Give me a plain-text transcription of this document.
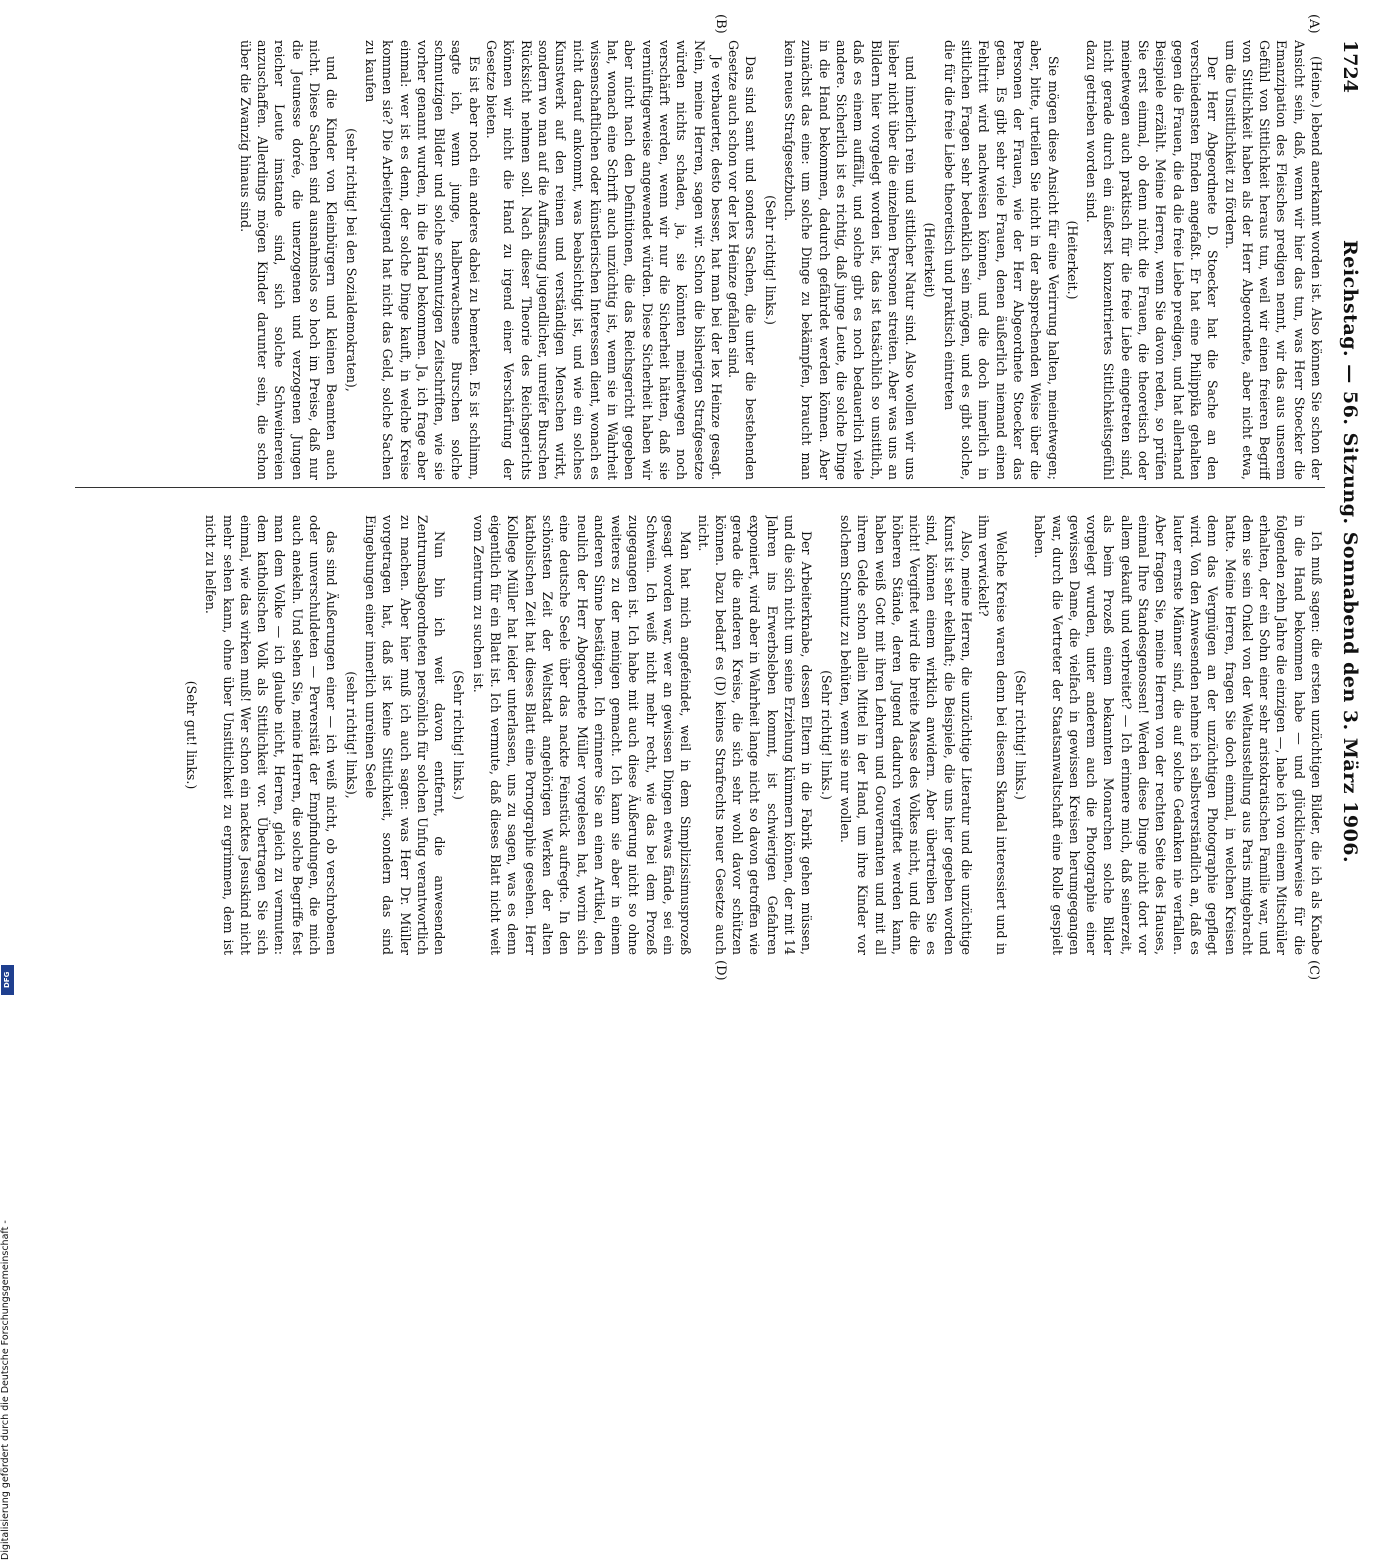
Digitalisierung gefördert durch die Deutsche Forschungsgemeinschaft -
DFG
1724
Reichstag. — 56. Sitzung. Sonnabend den 3. März 1906.
(A)
(B)
(C)
(D)

(Heine.) lebend anerkannt worden ist. Also können Sie schon der Ansicht sein, daß, wenn wir hier das tun, was Herr Stoecker die Emanzipation des Fleisches predigen nennt, wir das aus unserem Gefühl von Sittlichkeit heraus tun, weil wir einen freieren Begriff von Sittlichkeit haben als der Herr Abgeordnete, aber nicht etwa, um die Unsittlichkeit zu fördern.

Der Herr Abgeordnete D. Stoecker hat die Sache an den verschiedensten Enden angefaßt. Er hat eine Philippika gehalten gegen die Frauen, die da die freie Liebe predigen, und hat allerhand Beispiele erzählt. Meine Herren, wenn Sie davon reden, so prüfen Sie erst einmal, ob denn nicht die Frauen, die theoretisch oder meinetwegen auch praktisch für die freie Liebe eingetreten sind, nicht gerade durch ein äußerst konzentriertes Sittlichkeitsgefühl dazu getrieben worden sind.

(Heiterkeit.)

Sie mögen diese Ansicht für eine Verirrung halten, meinetwegen; aber, bitte, urteilen Sie nicht in der absprechenden Weise über die Personen der Frauen, wie der Herr Abgeordnete Stoecker das getan. Es gibt sehr viele Frauen, denen äußerlich niemand einen Fehltritt wird nachweisen können, und die doch innerlich in sittlichen Fragen sehr bedenklich sein mögen, und es gibt solche, die für die freie Liebe theoretisch und praktisch eintreten

(Heiterkeit)

und innerlich rein und sittlicher Natur sind. Also wollen wir uns lieber nicht über die einzelnen Personen streiten. Aber was uns an Bildern hier vorgelegt worden ist, das ist tatsächlich so unsittlich, daß es einem auffällt, und solche gibt es noch bedauerlich viele andere. Sicherlich ist es richtig, daß junge Leute, die solche Dinge in die Hand bekommen, dadurch gefährdet werden können. Aber zunächst das eine: um solche Dinge zu bekämpfen, braucht man kein neues Strafgesetzbuch.

(Sehr richtig! links.)

Das sind samt und sonders Sachen, die unter die bestehenden Gesetze auch schon vor der lex Heinze gefallen sind.

Je verbauerter, desto besser, hat man bei der lex Heinze gesagt. Nein, meine Herren, sagen wir. Schon die bisherigen Strafgesetze würden nichts schaden, ja, sie könnten meinetwegen noch verschärft werden, wenn wir nur die Sicherheit hätten, daß sie vernünftigerweise angewendet würden. Diese Sicherheit haben wir aber nicht nach den Definitionen, die das Reichsgericht gegeben hat, wonach eine Schrift auch unzüchtig ist, wenn sie in Wahrheit wissenschaftlichen oder künstlerischen Interessen dient, wonach es nicht darauf ankommt, was beabsichtigt ist, und wie ein solches Kunstwerk auf den reinen und verständigen Menschen wirkt, sondern wo man auf die Auffassung jugendlicher, unreifer Burschen Rücksicht nehmen soll. Nach dieser Theorie des Reichsgerichts können wir nicht die Hand zu irgend einer Verschärfung der Gesetze bieten.

Es ist aber noch ein anderes dabei zu bemerken. Es ist schlimm, sagte ich, wenn junge, halberwachsene Burschen solche schmutzigen Bilder und solche schmutzigen Zeitschriften, wie sie vorher genannt wurden, in die Hand bekommen. Ja, ich frage aber einmal: wer ist es denn, der solche Dinge kauft, in welche Kreise kommen sie? Die Arbeiterjugend hat nicht das Geld, solche Sachen zu kaufen

(sehr richtig! bei den Sozialdemokraten),

und die Kinder von Kleinbürgern und kleinen Beamten auch nicht. Diese Sachen sind ausnahmslos so hoch im Preise, daß nur die Jeunesse dorée, die unerzogenen und verzogenen Jungen reicher Leute imstande sind, sich solche Schweinereien anzuschaffen. Allerdings mögen Kinder darunter sein, die schon über die Zwanzig hinaus sind.

Ich muß sagen: die ersten unzüchtigen Bilder, die ich als Knabe in die Hand bekommen habe — und glücklicherweise für die folgenden zehn Jahre die einzigen —, habe ich von einem Mitschüler erhalten, der ein Sohn einer sehr aristokratischen Familie war, und dem sie sein Onkel von der Weltausstellung aus Paris mitgebracht hatte. Meine Herren, fragen Sie doch einmal, in welchen Kreisen denn das Vergnügen an der unzüchtigen Photographie gepflegt wird. Von den Anwesenden nehme ich selbstverständlich an, daß es lauter ernste Männer sind, die auf solche Gedanken nie verfallen. Aber fragen Sie, meine Herren von der rechten Seite des Hauses, einmal Ihre Standesgenossen! Werden diese Dinge nicht dort vor allem gekauft und verbreitet? — Ich erinnere mich, daß seinerzeit, als beim Prozeß einem bekannten Monarchen solche Bilder vorgelegt wurden, unter anderem auch die Photographie einer gewissen Dame, die vielfach in gewissen Kreisen herumgegangen war, durch die Vertreter der Staatsanwaltschaft eine Rolle gespielt haben.

(Sehr richtig! links.)

Welche Kreise waren denn bei diesem Skandal interessiert und in ihm verwickelt?

Also, meine Herren, die unzüchtige Literatur und die unzüchtige Kunst ist sehr ekelhaft; die Beispiele, die uns hier gegeben worden sind, können einem wirklich anwidern. Aber übertreiben Sie es nicht! Vergiftet wird die breite Masse des Volkes nicht, und die die höheren Stände, deren Jugend dadurch vergiftet werden kann, haben weiß Gott mit ihren Lehrern und Gouvernanten und mit all ihrem Gelde schon allein Mittel in der Hand, um ihre Kinder vor solchem Schmutz zu behüten, wenn sie nur wollen.

(Sehr richtig! links.)

Der Arbeiterknabe, dessen Eltern in die Fabrik gehen müssen, und die sich nicht um seine Erziehung kümmern können, der mit 14 Jahren ins Erwerbsleben kommt, ist schwierigen Gefahren exponiert, wird aber in Wahrheit lange nicht so davon getroffen wie gerade die anderen Kreise, die sich sehr wohl davor schützen können. Dazu bedarf es (D) keines Strafrechts neuer Gesetze auch nicht.

Man hat mich angefeindet, weil in dem Simplizissimusprozeß gesagt worden war, wer an gewissen Dingen etwas fände, sei ein Schwein. Ich weiß nicht mehr recht, wie das bei dem Prozeß zugegangen ist. Ich habe mit auch diese Äußerung nicht so ohne weiteres zu der meinigen gemacht. Ich kann sie aber in einem anderen Sinne bestätigen. Ich erinnere Sie an einen Artikel, den neulich der Herr Abgeordnete Müller vorgelesen hat, worin sich eine deutsche Seele über das nackte Feinstück aufregte. In den schönsten Zeit der Weltstadt angehörigen Werken der alten katholischen Zeit hat dieses Blatt eine Pornographie gesehen. Herr Kollege Müller hat leider unterlassen, uns zu sagen, was es denn eigentlich für ein Blatt ist. Ich vermute, daß dieses Blatt nicht weit vom Zentrum zu suchen ist.

(Sehr richtig! links.)

Nun bin ich weit davon entfernt, die anwesenden Zentrumsabgeordneten persönlich für solchen Unfug verantwortlich zu machen. Aber hier muß ich auch sagen: was Herr Dr. Müller vorgetragen hat, daß ist keine Sittlichkeit, sondern das sind Eingebungen einer innerlich unreinen Seele

(sehr richtig! links),

das sind Äußerungen einer — ich weiß nicht, ob verschrobenen oder unverschuldeten — Perversität der Empfindungen, die mich auch anekeln. Und sehen Sie, meine Herren, die solche Begriffe fest man dem Volke — ich glaube nicht, Herren, gleich zu vermuten: dem katholischen Volk als Sittlichkeit vor. Übertragen Sie sich einmal, wie das wirken muß! Wer schon ein nacktes Jesuskind nicht mehr sehen kann, ohne über Unsittlichkeit zu ergrimmen, dem ist nicht zu helfen.

(Sehr gut! links.)
